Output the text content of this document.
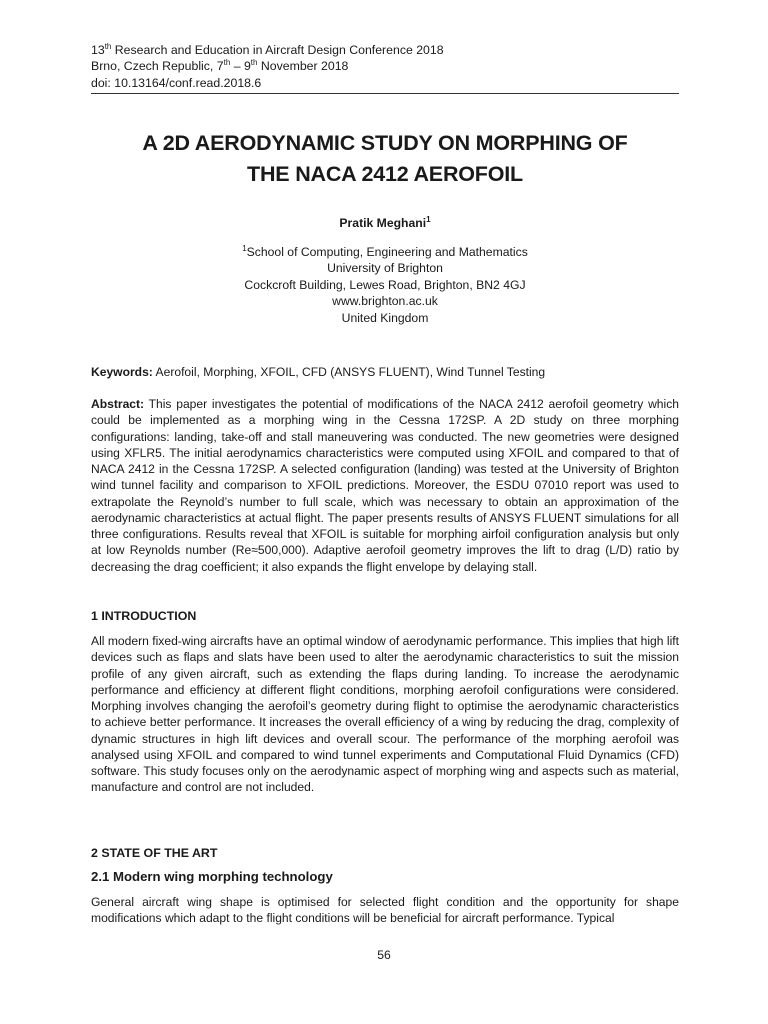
13th Research and Education in Aircraft Design Conference 2018
Brno, Czech Republic, 7th – 9th November 2018
doi: 10.13164/conf.read.2018.6
A 2D AERODYNAMIC STUDY ON MORPHING OF
THE NACA 2412 AEROFOIL
Pratik Meghani$^1$
$^1$School of Computing, Engineering and Mathematics
University of Brighton
Cockcroft Building, Lewes Road, Brighton, BN2 4GJ
www.brighton.ac.uk
United Kingdom
Keywords: Aerofoil, Morphing, XFOIL, CFD (ANSYS FLUENT), Wind Tunnel Testing
Abstract: This paper investigates the potential of modifications of the NACA 2412 aerofoil geometry which could be implemented as a morphing wing in the Cessna 172SP. A 2D study on three morphing configurations: landing, take-off and stall maneuvering was conducted. The new geometries were designed using XFLR5. The initial aerodynamics characteristics were computed using XFOIL and compared to that of NACA 2412 in the Cessna 172SP. A selected configuration (landing) was tested at the University of Brighton wind tunnel facility and comparison to XFOIL predictions. Moreover, the ESDU 07010 report was used to extrapolate the Reynold’s number to full scale, which was necessary to obtain an approximation of the aerodynamic characteristics at actual flight. The paper presents results of ANSYS FLUENT simulations for all three configurations. Results reveal that XFOIL is suitable for morphing airfoil configuration analysis but only at low Reynolds number (Re≈500,000). Adaptive aerofoil geometry improves the lift to drag (L/D) ratio by decreasing the drag coefficient; it also expands the flight envelope by delaying stall.
1 INTRODUCTION
All modern fixed-wing aircrafts have an optimal window of aerodynamic performance. This implies that high lift devices such as flaps and slats have been used to alter the aerodynamic characteristics to suit the mission profile of any given aircraft, such as extending the flaps during landing. To increase the aerodynamic performance and efficiency at different flight conditions, morphing aerofoil configurations were considered. Morphing involves changing the aerofoil’s geometry during flight to optimise the aerodynamic characteristics to achieve better performance. It increases the overall efficiency of a wing by reducing the drag, complexity of dynamic structures in high lift devices and overall scour. The performance of the morphing aerofoil was analysed using XFOIL and compared to wind tunnel experiments and Computational Fluid Dynamics (CFD) software. This study focuses only on the aerodynamic aspect of morphing wing and aspects such as material, manufacture and control are not included.
2 STATE OF THE ART
2.1 Modern wing morphing technology
General aircraft wing shape is optimised for selected flight condition and the opportunity for shape modifications which adapt to the flight conditions will be beneficial for aircraft performance. Typical
56
